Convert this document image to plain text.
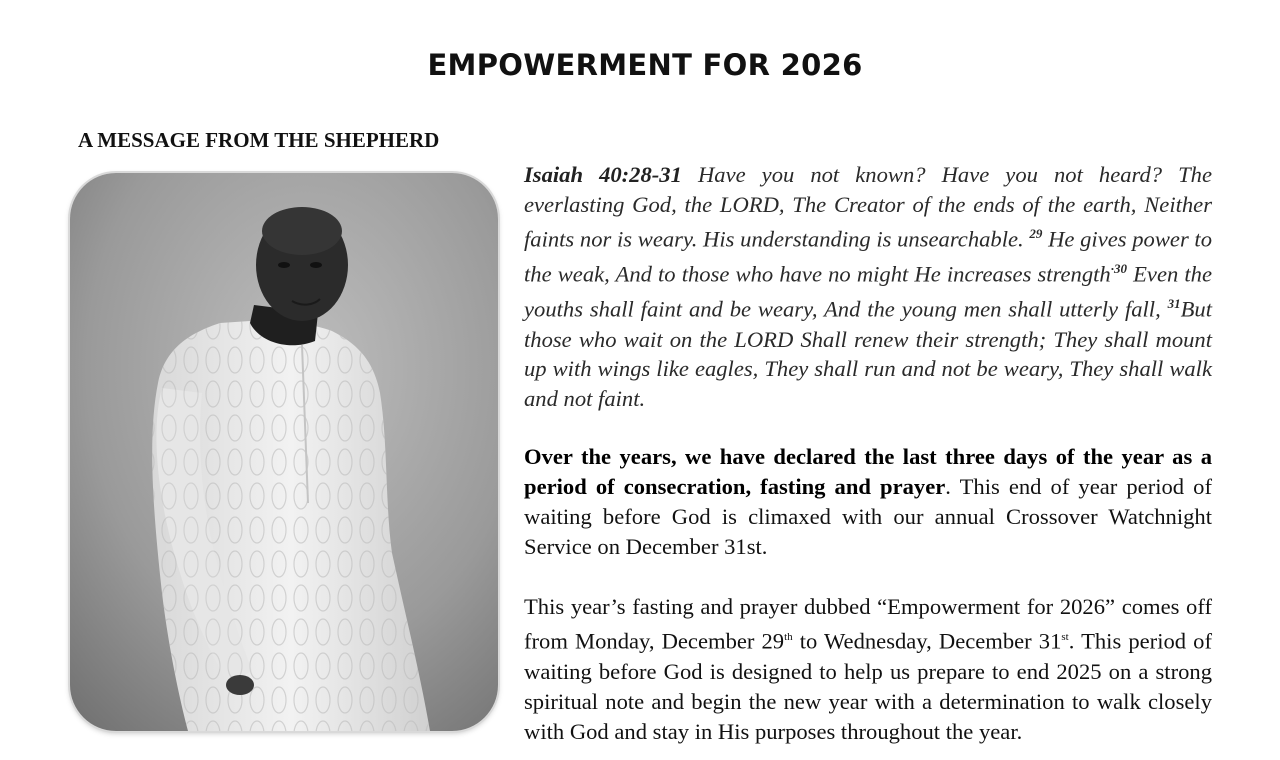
EMPOWERMENT FOR 2026
A MESSAGE FROM THE SHEPHERD

Isaiah 40:28-31 Have you not known? Have you not heard? The everlasting God, the LORD, The Creator of the ends of the earth, Neither faints nor is weary. His understanding is unsearchable. $^{29}$ He gives power to the weak, And to those who have no might He increases strength$^{\cdot 30}$ Even the youths shall faint and be weary, And the young men shall utterly fall, $^{31}$But those who wait on the LORD Shall renew their strength; They shall mount up with wings like eagles, They shall run and not be weary, They shall walk and not faint.

Over the years, we have declared the last three days of the year as a period of consecration, fasting and prayer. This end of year period of waiting before God is climaxed with our annual Crossover Watchnight Service on December 31st.

This year’s fasting and prayer dubbed “Empowerment for 2026” comes off from Monday, December 29th to Wednesday, December 31st. This period of waiting before God is designed to help us prepare to end 2025 on a strong spiritual note and begin the new year with a determination to walk closely with God and stay in His purposes throughout the year.
